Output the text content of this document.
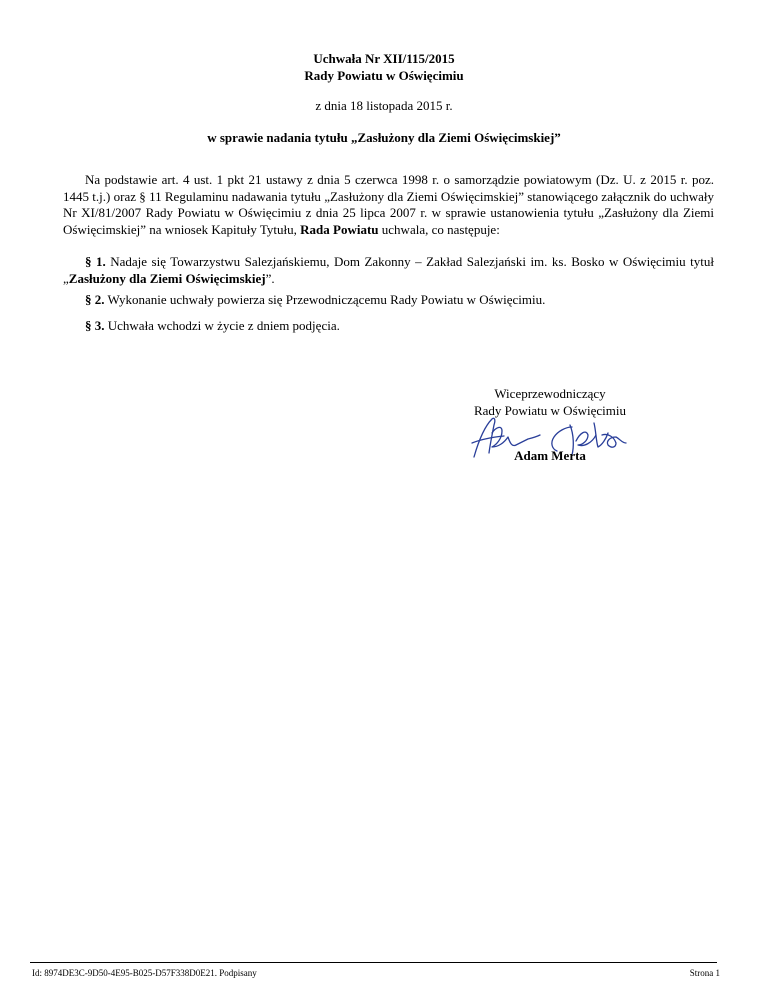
Uchwała Nr XII/115/2015
Rady Powiatu w Oświęcimiu
z dnia 18 listopada 2015 r.
w sprawie nadania tytułu „Zasłużony dla Ziemi Oświęcimskiej”
Na podstawie art. 4 ust. 1 pkt 21 ustawy z dnia 5 czerwca 1998 r. o samorządzie powiatowym (Dz. U. z 2015 r. poz. 1445 t.j.) oraz § 11 Regulaminu nadawania tytułu „Zasłużony dla Ziemi Oświęcimskiej” stanowiącego załącznik do uchwały Nr XI/81/2007 Rady Powiatu w Oświęcimiu z dnia 25 lipca 2007 r. w sprawie ustanowienia tytułu „Zasłużony dla Ziemi Oświęcimskiej” na wniosek Kapituły Tytułu, Rada Powiatu uchwala, co następuje:
§ 1. Nadaje się Towarzystwu Salezjańskiemu, Dom Zakonny – Zakład Salezjański im. ks. Bosko w Oświęcimiu tytuł „Zasłużony dla Ziemi Oświęcimskiej”.
§ 2. Wykonanie uchwały powierza się Przewodniczącemu Rady Powiatu w Oświęcimiu.
§ 3. Uchwała wchodzi w życie z dniem podjęcia.
Wiceprzewodniczący
Rady Powiatu w Oświęcimiu
Adam Merta
Id: 8974DE3C-9D50-4E95-B025-D57F338D0E21. Podpisany	Strona 1
